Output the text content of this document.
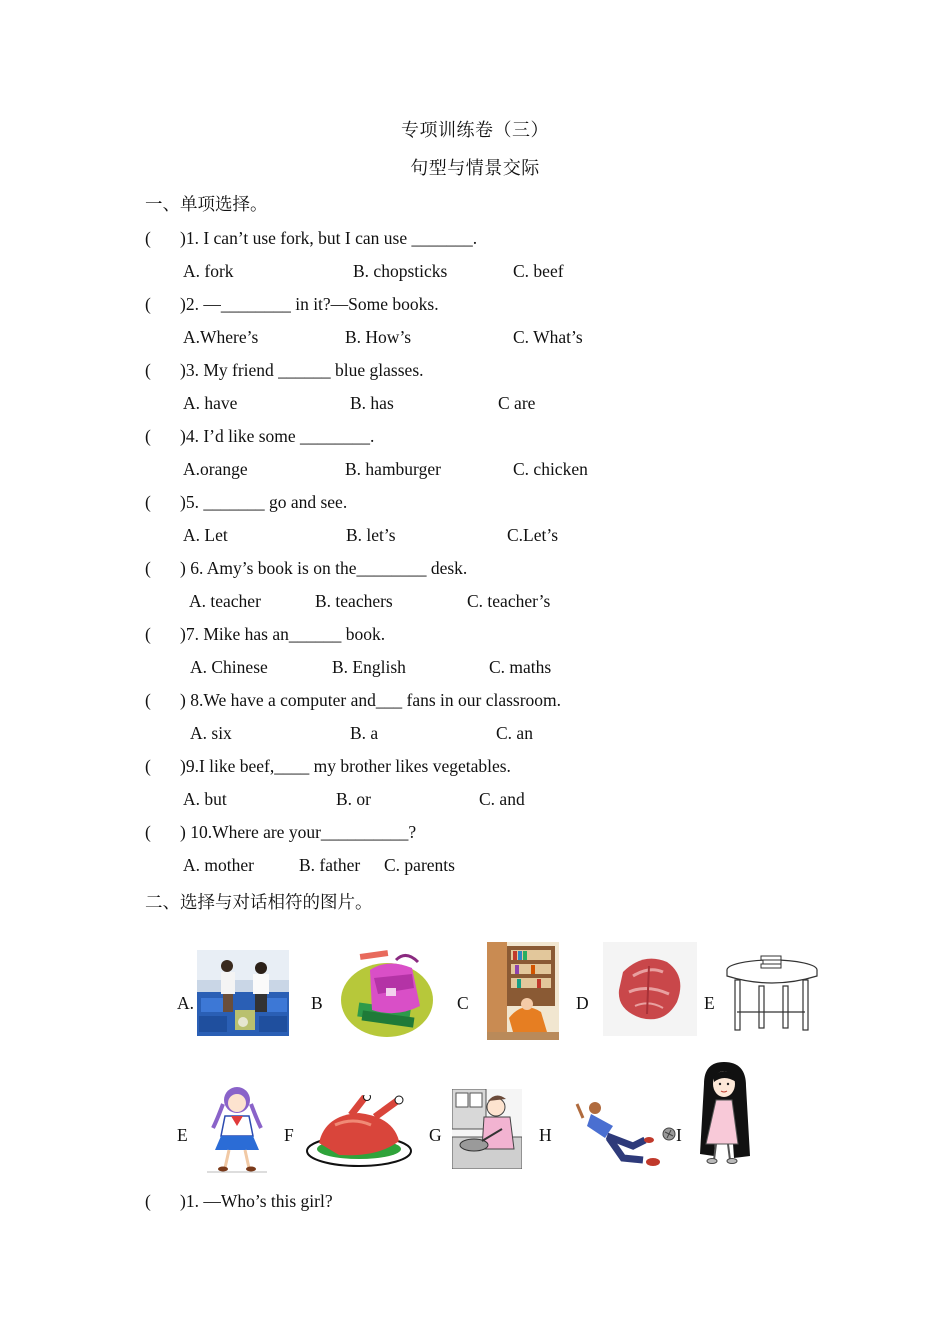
专项训练卷（三）
句型与情景交际
一、单项选择。
( )1. I can’t use fork, but I can use _______.
A. fork	B. chopsticks	C. beef
( )2. —________ in it?—Some books.
A.Where’s	B. How’s	C. What’s
( )3. My friend ______ blue glasses.
A. have	B. has	C are
( )4. I’d like some ________.
A.orange	B. hamburger	C. chicken
( )5. _______ go and see.
A. Let	B. let’s	C.Let’s
( ) 6. Amy’s book is on the________ desk.
A. teacher	B. teachers	C. teacher’s
( )7. Mike has an______ book.
A. Chinese	B. English	C. maths
( ) 8.We have a computer and___ fans in our classroom.
A. six	B. a	C. an
( )9.I like beef,____ my brother likes vegetables.
A. but	B. or	C. and
( ) 10.Where are your__________?
A. mother	B. father C. parents
二、选择与对话相符的图片。
A.	B	C	D	E
E	F	G	H	I
( )1. —Who’s this girl?
